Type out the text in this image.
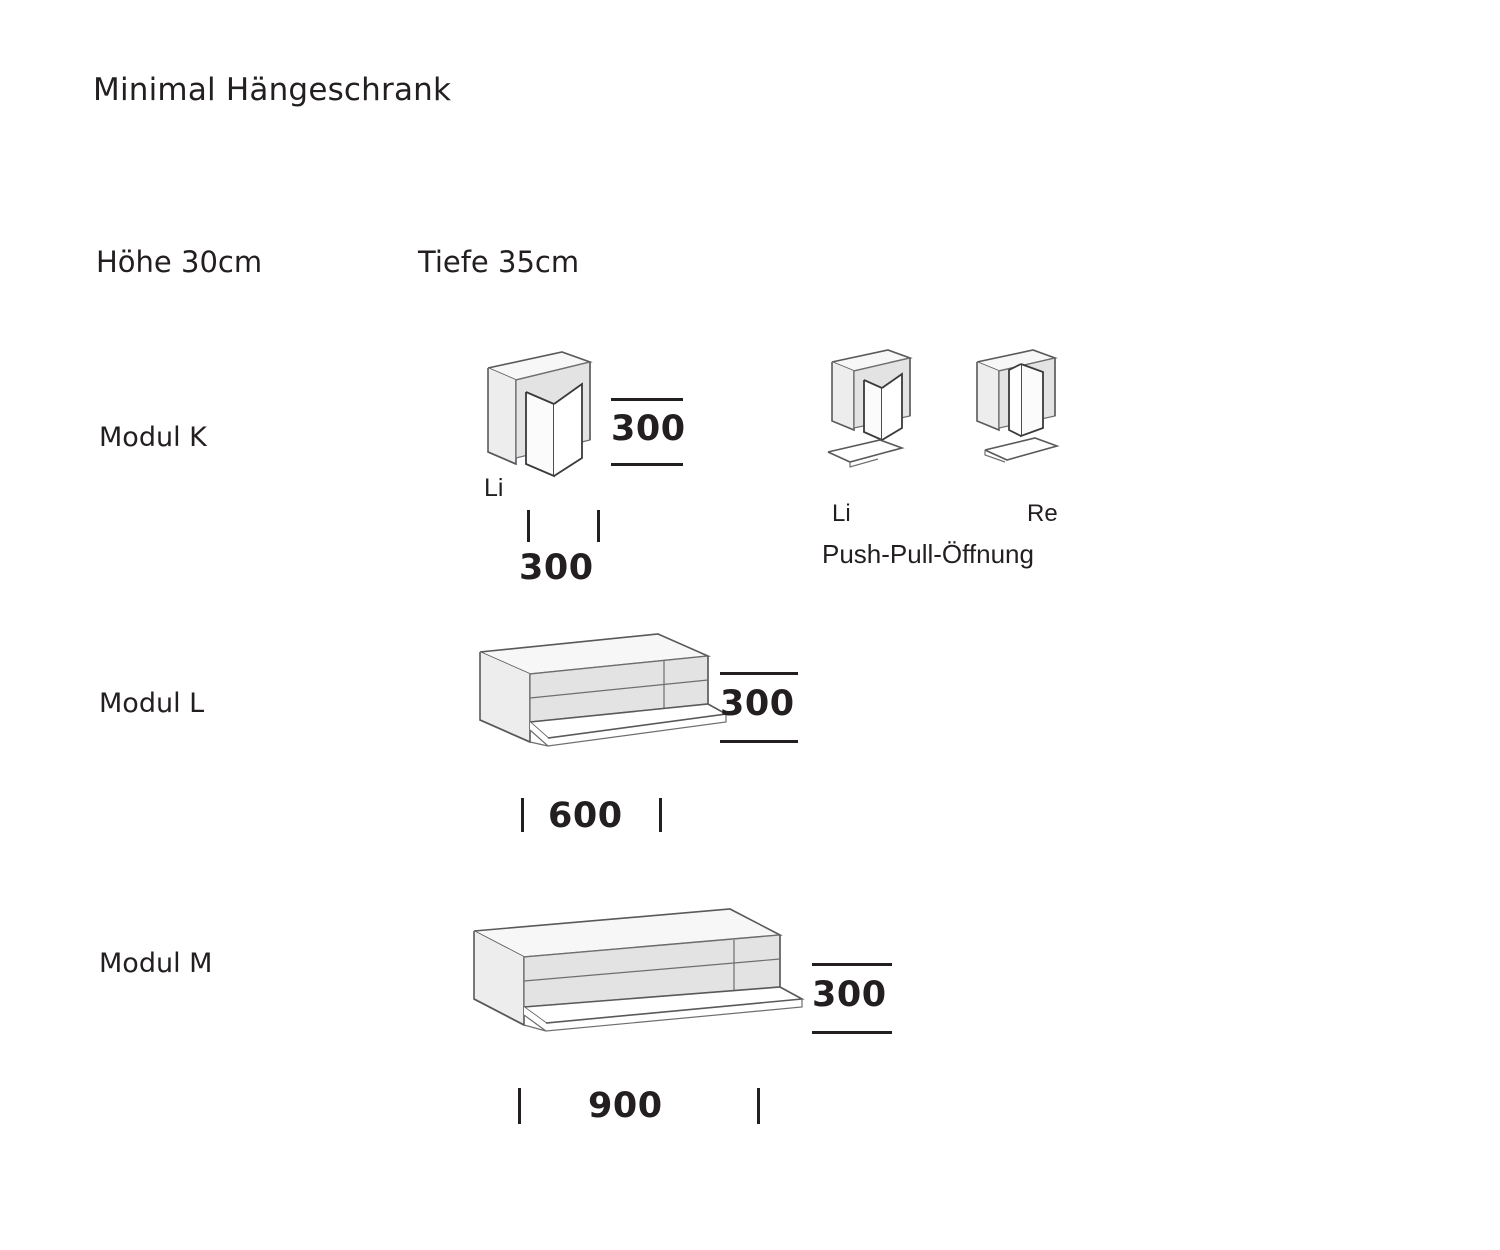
Minimal Hängeschrank
Höhe 30cm	Tiefe 35cm
Modul K
Modul L
Modul M
300
Li
300
Li	Re
Push-Pull-Öffnung
300
600
300
900
